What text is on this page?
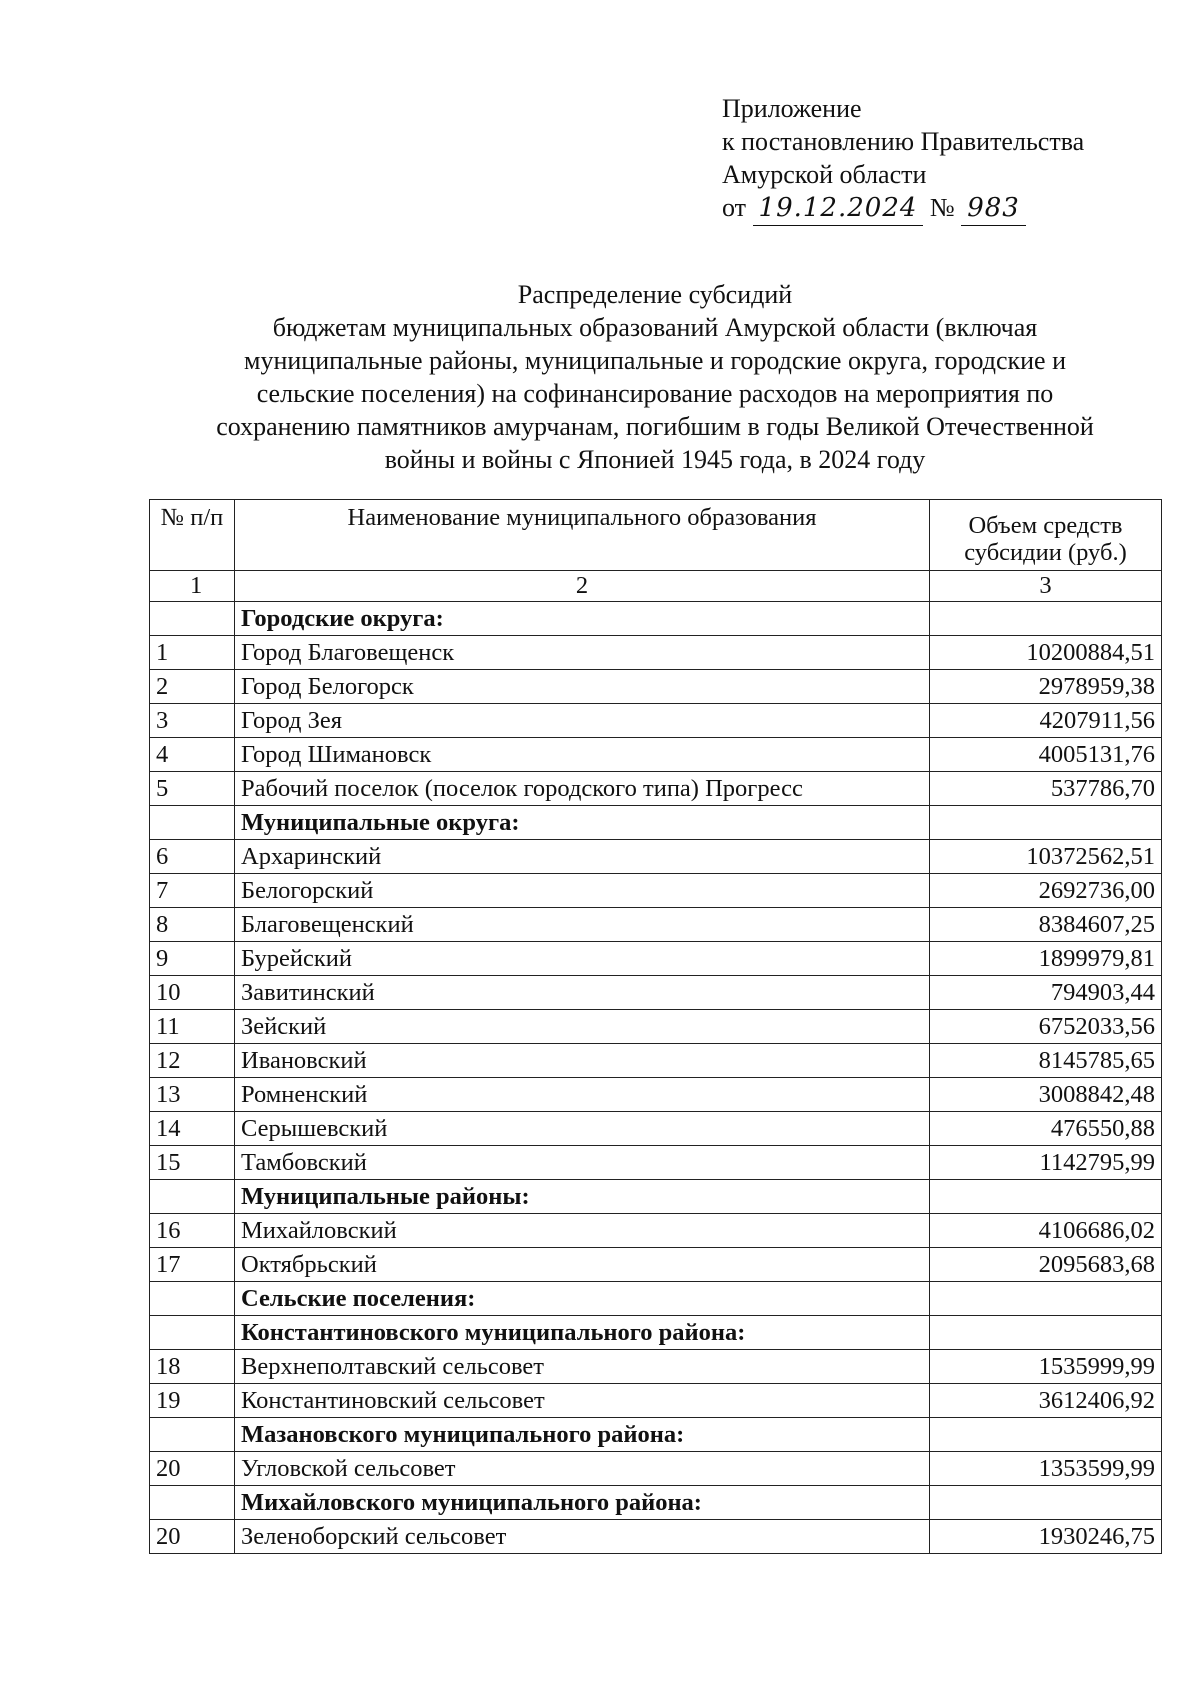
Приложение
к постановлению Правительства
Амурской области
от 19.12.2024 № 983
Распределение субсидий
бюджетам муниципальных образований Амурской области (включая
муниципальные районы, муниципальные и городские округа, городские и
сельские поселения) на софинансирование расходов на мероприятия по
сохранению памятников амурчанам, погибшим в годы Великой Отечественной
войны и войны с Японией 1945 года, в 2024 году
№ п/п	Наименование муниципального образования	Объем средств субсидии (руб.)
1	2	3
	Городские округа:	
1	Город Благовещенск	10200884,51
2	Город Белогорск	2978959,38
3	Город Зея	4207911,56
4	Город Шимановск	4005131,76
5	Рабочий поселок (поселок городского типа) Прогресс	537786,70
	Муниципальные округа:	
6	Архаринский	10372562,51
7	Белогорский	2692736,00
8	Благовещенский	8384607,25
9	Бурейский	1899979,81
10	Завитинский	794903,44
11	Зейский	6752033,56
12	Ивановский	8145785,65
13	Ромненский	3008842,48
14	Серышевский	476550,88
15	Тамбовский	1142795,99
	Муниципальные районы:	
16	Михайловский	4106686,02
17	Октябрьский	2095683,68
	Сельские поселения:	
	Константиновского муниципального района:	
18	Верхнеполтавский сельсовет	1535999,99
19	Константиновский сельсовет	3612406,92
	Мазановского муниципального района:	
20	Угловской сельсовет	1353599,99
	Михайловского муниципального района:	
20	Зеленоборский сельсовет	1930246,75
